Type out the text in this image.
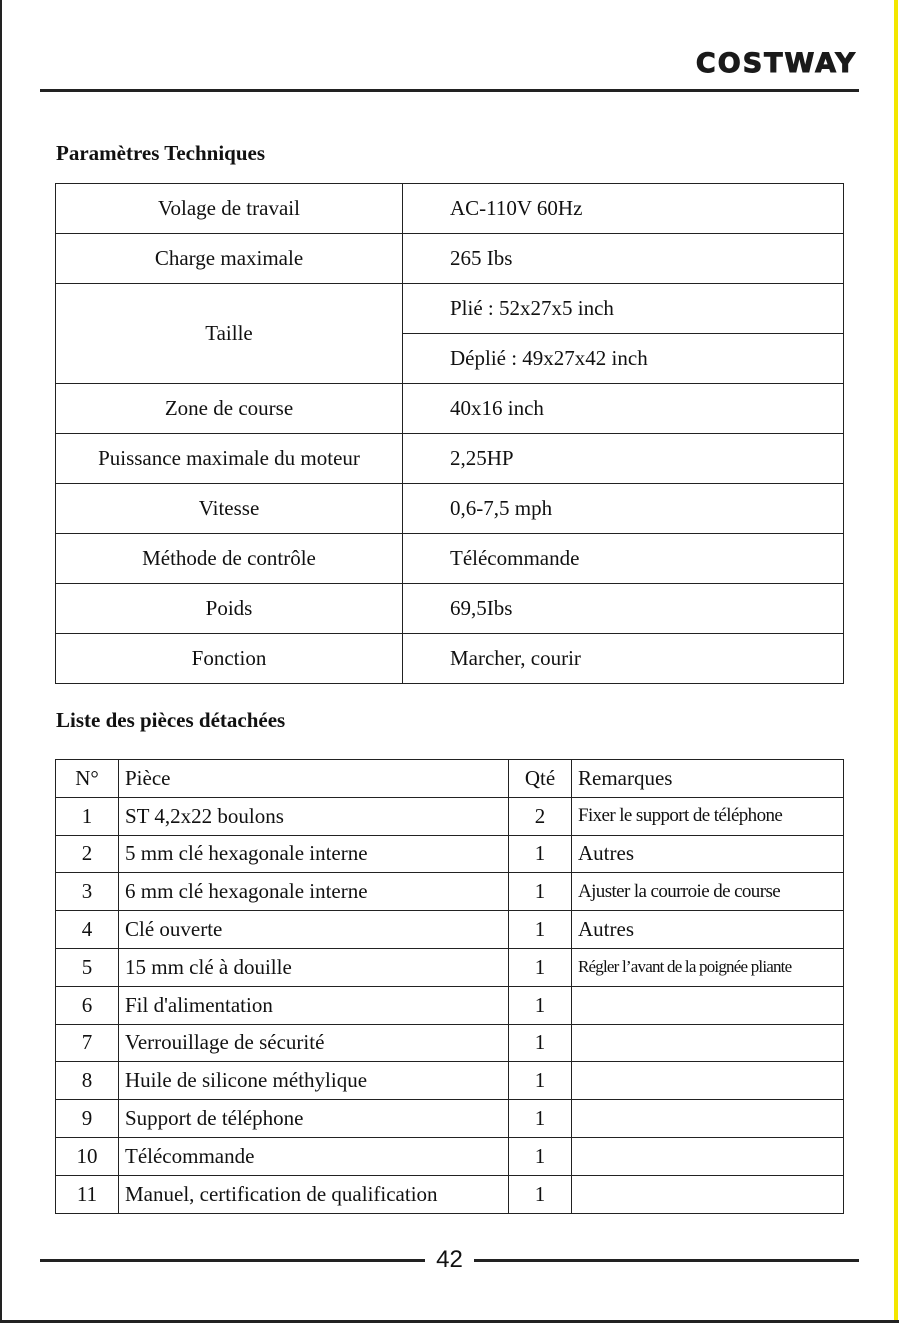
COSTWAY
Paramètres Techniques
Volage de travail	AC-110V 60Hz
Charge maximale	265 Ibs
Taille	Plié : 52x27x5 inch
	Déplié : 49x27x42 inch
Zone de course	40x16 inch
Puissance maximale du moteur	2,25HP
Vitesse	0,6-7,5 mph
Méthode de contrôle	Télécommande
Poids	69,5Ibs
Fonction	Marcher, courir
Liste des pièces détachées
N°	Pièce	Qté	Remarques
1	ST 4,2x22 boulons	2	Fixer le support de téléphone
2	5 mm clé hexagonale interne	1	Autres
3	6 mm clé hexagonale interne	1	Ajuster la courroie de course
4	Clé ouverte	1	Autres
5	15 mm clé à douille	1	Régler l’avant de la poignée pliante
6	Fil d'alimentation	1	
7	Verrouillage de sécurité	1	
8	Huile de silicone méthylique	1	
9	Support de téléphone	1	
10	Télécommande	1	
11	Manuel, certification de qualification	1	
42
